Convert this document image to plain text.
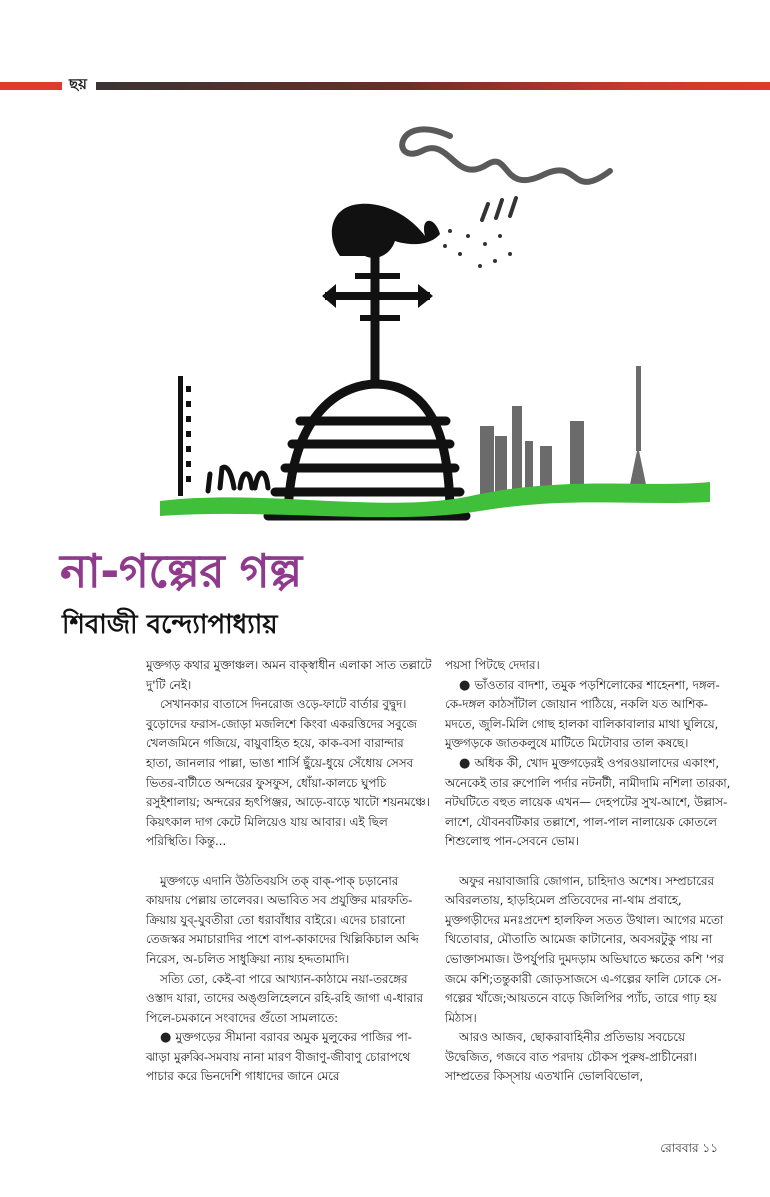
ছয়
না-গল্পের গল্প
শিবাজী বন্দ্যোপাধ্যায়

মুক্তগড় কথার মুক্তাঞ্চল। অমন বাক্‌স্বাধীন এলাকা সাত তল্লাটে দু'টি নেই।

সেখানকার বাতাসে দিনরোজ ওড়ে-ফাটে বার্তার বুদ্বুদ। বুড়োদের ফরাস-জোড়া মজলিশে কিংবা একরত্তিদের সবুজে খেলজমিনে গজিয়ে, বায়ুবাহিত হয়ে, কাক-বসা বারান্দার হাতা, জানলার পাল্লা, ভাঙা শার্সি ছুঁয়ে-ধুয়ে সেঁধোয় সেসব ভিতর-বাটীতে অন্দরের ফুসফুস, ধোঁয়া-কালচে ঘুপচি রসুইশালায়; অন্দরের হৃৎপিঞ্জর, আড়ে-বাড়ে খাটো শয়নমঞ্চে। কিয়ৎকাল দাগ কেটে মিলিয়েও যায় আবার। এই ছিল পরিস্থিতি। কিন্তু...

মুক্তগড়ে এদানি উঠতিবয়সি তক্‌ বাক্‌-পাক্‌ চড়ানোর কায়দায় পেল্লায় তালেবর। অভাবিত সব প্রযুক্তির মারফতি-ক্রিয়ায় যুব্‌-যুবতীরা তো ধরাবাঁধার বাইরে। এদের চারানো তেজস্কর সমাচারাদির পাশে বাপ-কাকাদের খিল্লিকিচাল অব্দি নিরেস, অ-চলিত সাধুক্রিয়া ন্যায় হদ্দতামাদি।

সত্যি তো, কেই-বা পারে আখ্যান-কাঠামে নয়া-তরঙ্গের ওস্তাদ যারা, তাদের অঙ্গুলিহেলনে রহি-রহি জাগা এ-ধারার পিলে-চমকানে সংবাদের গুঁতো সামলাতে:

● মুক্তগড়ের সীমানা বরাবর অমুক মুলুকের পাজির পা-ঝাড়া মুরুব্বি-সমবায় নানা মারণ বীজাণু-জীবাণু চোরাপথে পাচার করে ভিনদেশি গাধাদের জানে মেরে

পয়সা পিটছে দেদার।

● ভাঁওতার বাদশা, তমুক পড়শিলোকের শাহেনশা, দঙ্গল-কে-দঙ্গল কাঠসাঁটাল জোয়ান পাঠিয়ে, নকলি যত আশিক-মদতে, জুলি-মিলি গোছ হালকা বালিকাবালার মাথা ঘুলিয়ে, মুক্তগড়কে জাতকলুষে মাটিতে মিটোবার তাল কষছে।

● অধিক কী, খোদ মুক্তগড়েরই ওপরওয়ালাদের একাংশ, অনেকেই তার রুপোলি পর্দার নটনটী, নামীদামি নশিলা তারকা, নটঘটিতে বহুত লায়েক এখন— দেহপটের সুখ-আশে, উল্লাস-লাশে, যৌবনবটিকার তল্লাশে, পাল-পাল নালায়েক কোতলে শিশুলোহু পান-সেবনে ভোম।

অফুর নয়াবাজারি জোগান, চাহিদাও অশেষ। সম্প্রচারের অবিরলতায়, হাড়হিমেল প্রতিবেদের না-থাম প্রবাহে, মুক্তগড়ীদের মনঃপ্রদেশ হালফিল সতত উথাল। আগের মতো থিতোবার, মৌতাতি আমেজ কাটানোর, অবসরটুকু পায় না ভোক্তাসমাজ। উপর্যুপরি দুমদড়াম অভিঘাতে ক্ষতের কশি 'পর জমে কশি;তন্তুকারী জোড়সাজসে এ-গল্পের ফালি ঢোকে সে-গল্পের খাঁজে;আয়তনে বাড়ে জিলিপির প্যাঁচ, তারে গাঢ় হয় মিঠাস।

আরও আজব, ছোকরাবাহিনীর প্রতিভায় সবচেয়ে উদ্বেজিত, গজবে বাত পরদায় চৌকস পুরুষ-প্রাচীনেরা। সাম্প্রতের কিস্‌সায় এতখানি ভোলবিভোল,

রোববার ১১
